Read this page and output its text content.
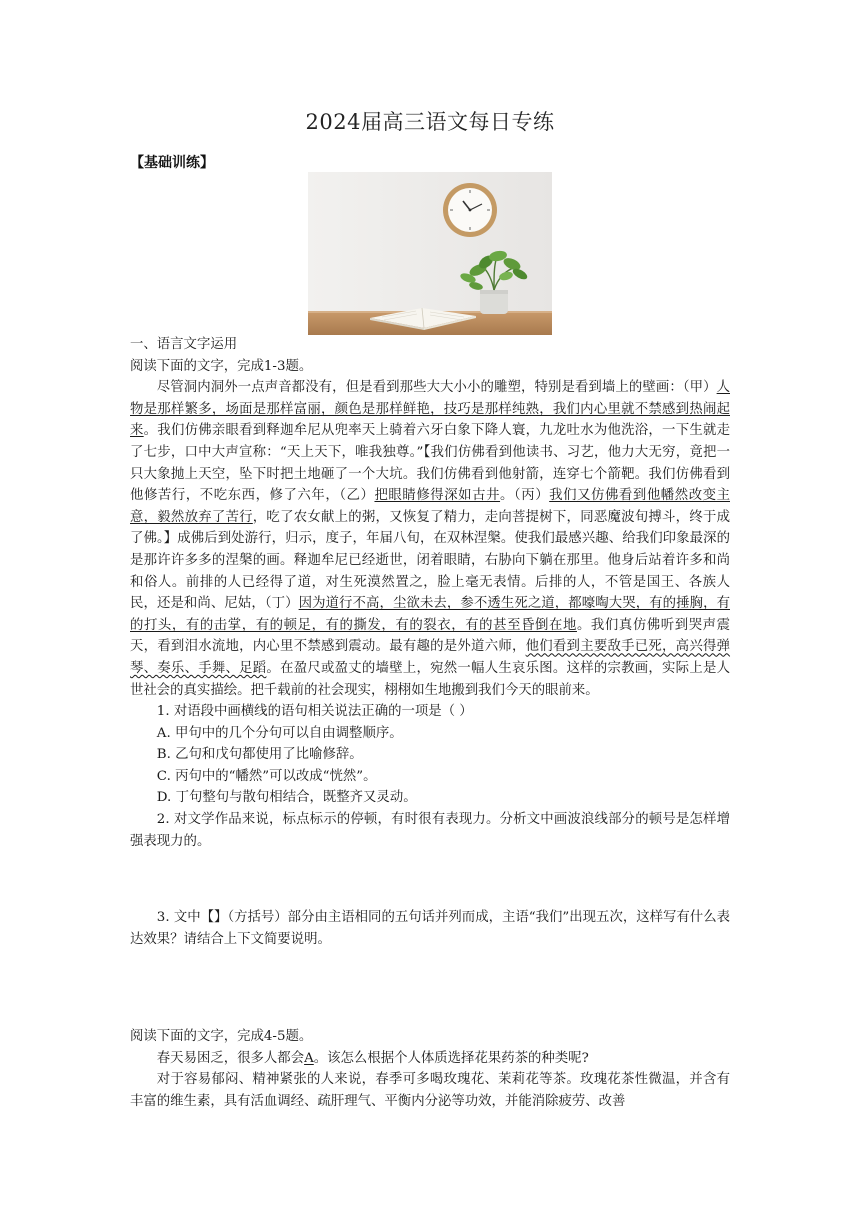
2024届高三语文每日专练
【基础训练】

一、语言文字运用

阅读下面的文字，完成1-3题。

尽管洞内洞外一点声音都没有，但是看到那些大大小小的雕塑，特别是看到墙上的壁画：（甲）人物是那样繁多，场面是那样富丽，颜色是那样鲜艳，技巧是那样纯熟，我们内心里就不禁感到热闹起来。我们仿佛亲眼看到释迦牟尼从兜率天上骑着六牙白象下降人寰，九龙吐水为他洗浴，一下生就走了七步，口中大声宣称：“天上天下，唯我独尊。”【我们仿佛看到他读书、习艺，他力大无穷，竟把一只大象抛上天空，坠下时把土地砸了一个大坑。我们仿佛看到他射箭，连穿七个箭靶。我们仿佛看到他修苦行，不吃东西，修了六年，（乙）把眼睛修得深如古井。（丙）我们又仿佛看到他幡然改变主意，毅然放弃了苦行，吃了农女献上的粥，又恢复了精力，走向菩提树下，同恶魔波旬搏斗，终于成了佛。】成佛后到处游行，归示，度子，年届八旬，在双林涅槃。使我们最感兴趣、给我们印象最深的是那许许多多的涅槃的画。释迦牟尼已经逝世，闭着眼睛，右胁向下躺在那里。他身后站着许多和尚和俗人。前排的人已经得了道，对生死漠然置之，脸上毫无表情。后排的人，不管是国王、各族人民，还是和尚、尼姑，（丁）因为道行不高，尘欲未去，参不透生死之道，都嚎啕大哭，有的捶胸，有的打头，有的击掌，有的顿足，有的撕发，有的裂衣，有的甚至昏倒在地。我们真仿佛听到哭声震天，看到泪水流地，内心里不禁感到震动。最有趣的是外道六师，他们看到主要敌手已死，高兴得弹琴、奏乐、手舞、足蹈。在盈尺或盈丈的墙壁上，宛然一幅人生哀乐图。这样的宗教画，实际上是人世社会的真实描绘。把千载前的社会现实，栩栩如生地搬到我们今天的眼前来。

1. 对语段中画横线的语句相关说法正确的一项是（ ）

A. 甲句中的几个分句可以自由调整顺序。

B. 乙句和戊句都使用了比喻修辞。

C. 丙句中的“幡然”可以改成“恍然”。

D. 丁句整句与散句相结合，既整齐又灵动。

2. 对文学作品来说，标点标示的停顿，有时很有表现力。分析文中画波浪线部分的顿号是怎样增强表现力的。

3. 文中【】（方括号）部分由主语相同的五句话并列而成，主语“我们”出现五次，这样写有什么表达效果？请结合上下文简要说明。

阅读下面的文字，完成4-5题。

春天易困乏，很多人都会A。该怎么根据个人体质选择花果药茶的种类呢?

对于容易郁闷、精神紧张的人来说，春季可多喝玫瑰花、茉莉花等茶。玫瑰花茶性微温，并含有丰富的维生素，具有活血调经、疏肝理气、平衡内分泌等功效，并能消除疲劳、改善
